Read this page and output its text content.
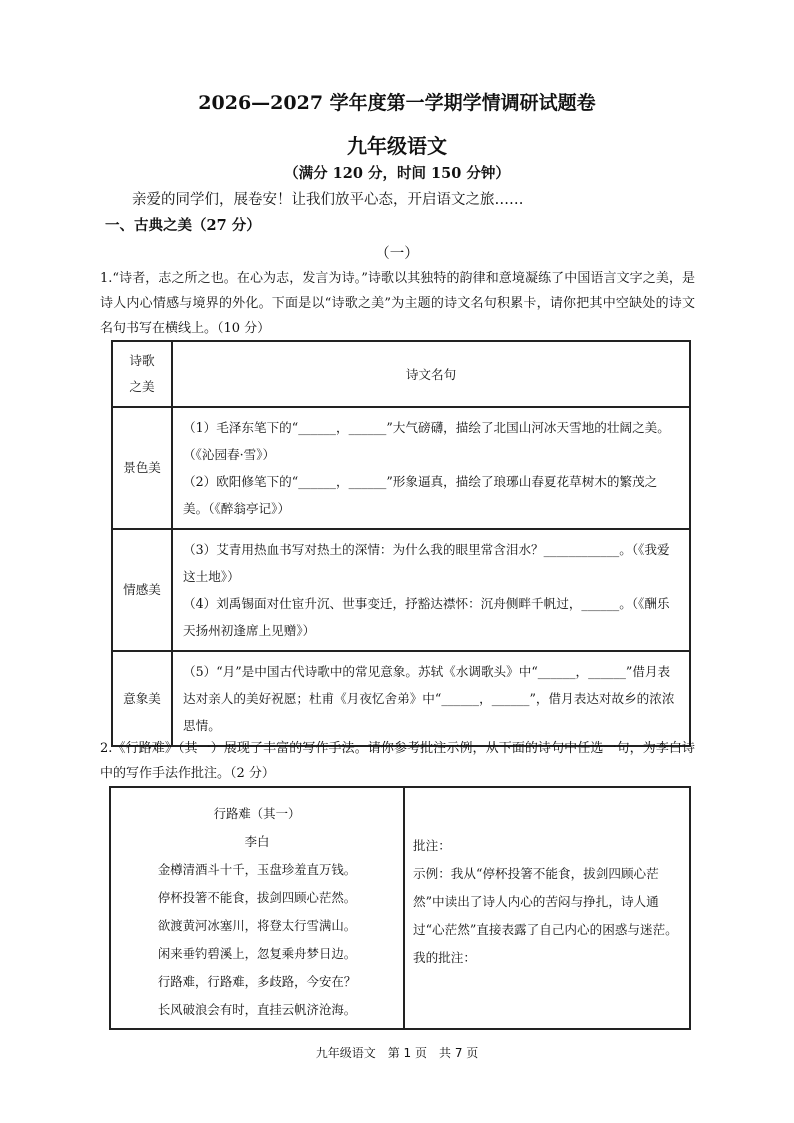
2026—2027 学年度第一学期学情调研试题卷
九年级语文
（满分 120 分，时间 150 分钟）
亲爱的同学们，展卷安！让我们放平心态，开启语文之旅……
一、古典之美（27 分）
（一）
1.“诗者，志之所之也。在心为志，发言为诗。”诗歌以其独特的韵律和意境凝练了中国语言文字之美，是诗人内心情感与境界的外化。下面是以“诗歌之美”为主题的诗文名句积累卡，请你把其中空缺处的诗文名句书写在横线上。（10 分）
诗歌
之美	诗文名句
景色美	（1）毛泽东笔下的“______，______”大气磅礴，描绘了北国山河冰天雪地的壮阔之美。（《沁园春·雪》）
（2）欧阳修笔下的“______，______”形象逼真，描绘了琅琊山春夏花草树木的繁茂之美。（《醉翁亭记》）

情感美	（3）艾青用热血书写对热土的深情：为什么我的眼里常含泪水？____________。（《我爱这土地》）
（4）刘禹锡面对仕宦升沉、世事变迁，抒豁达襟怀：沉舟侧畔千帆过，______。（《酬乐天扬州初逢席上见赠》）

意象美	（5）“月”是中国古代诗歌中的常见意象。苏轼《水调歌头》中“______，______”借月表达对亲人的美好祝愿；杜甫《月夜忆舍弟》中“______，______”，借月表达对故乡的浓浓思情。
2.《行路难》（其一）展现了丰富的写作手法。请你参考批注示例，从下面的诗句中任选一句，为李白诗中的写作手法作批注。（2 分）
行路难（其一）
李白
金樽清酒斗十千，玉盘珍羞直万钱。
停杯投箸不能食，拔剑四顾心茫然。
欲渡黄河冰塞川，将登太行雪满山。
闲来垂钓碧溪上，忽复乘舟梦日边。
行路难，行路难，多歧路，今安在？
长风破浪会有时，直挂云帆济沧海。

批注：
示例：我从“停杯投箸不能食，拔剑四顾心茫然”中读出了诗人内心的苦闷与挣扎，诗人通过“心茫然”直接表露了自己内心的困惑与迷茫。
我的批注：
九年级语文　第 1 页　共 7 页
